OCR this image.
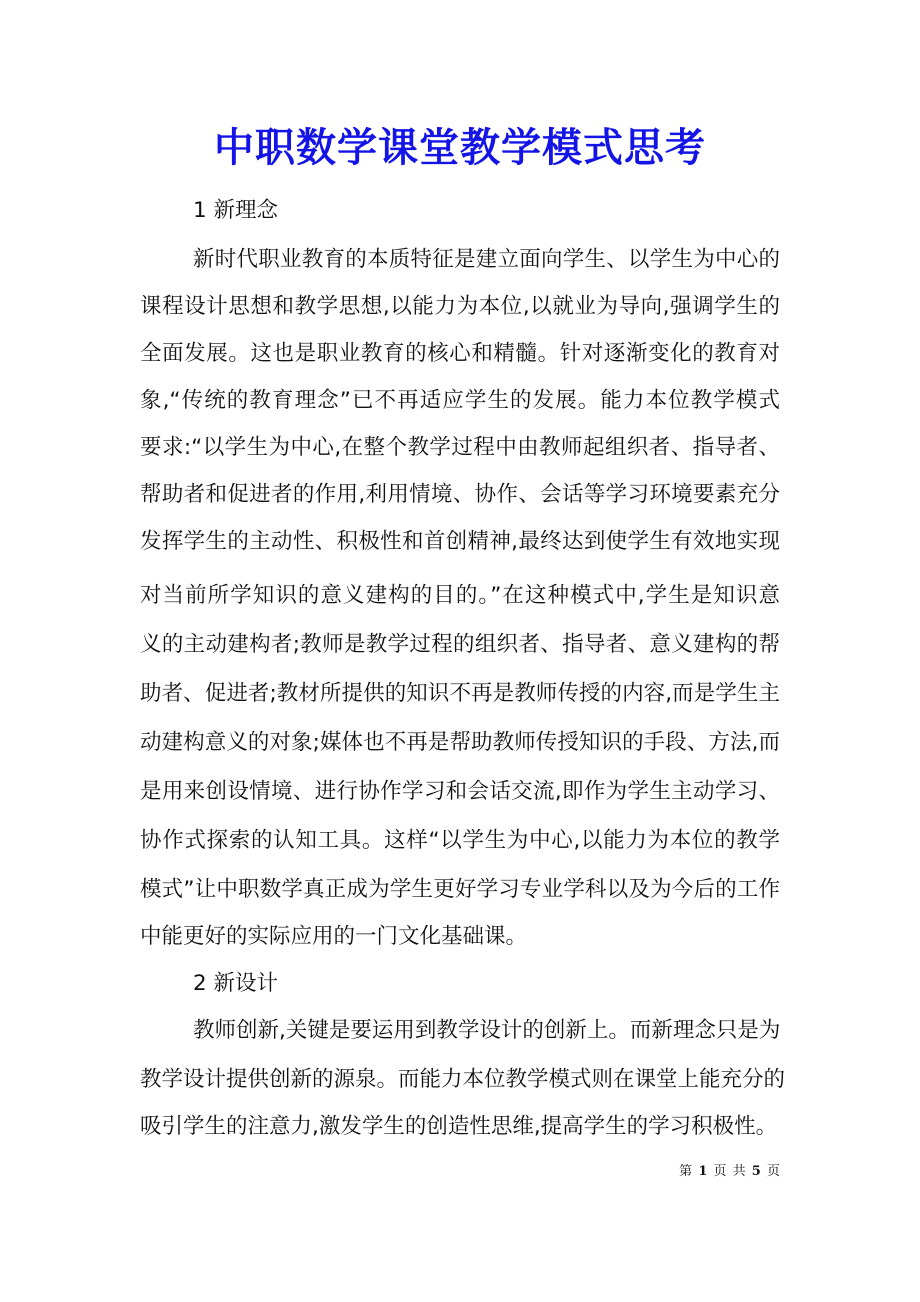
中职数学课堂教学模式思考

1 新理念

新时代职业教育的本质特征是建立面向学生、以学生为中心的

课程设计思想和教学思想,以能力为本位,以就业为导向,强调学生的

全面发展。这也是职业教育的核心和精髓。针对逐渐变化的教育对

象,“传统的教育理念”已不再适应学生的发展。能力本位教学模式

要求:“以学生为中心,在整个教学过程中由教师起组织者、指导者、

帮助者和促进者的作用,利用情境、协作、会话等学习环境要素充分

发挥学生的主动性、积极性和首创精神,最终达到使学生有效地实现

对当前所学知识的意义建构的目的。”在这种模式中,学生是知识意

义的主动建构者;教师是教学过程的组织者、指导者、意义建构的帮

助者、促进者;教材所提供的知识不再是教师传授的内容,而是学生主

动建构意义的对象;媒体也不再是帮助教师传授知识的手段、方法,而

是用来创设情境、进行协作学习和会话交流,即作为学生主动学习、

协作式探索的认知工具。这样“以学生为中心,以能力为本位的教学

模式”让中职数学真正成为学生更好学习专业学科以及为今后的工作

中能更好的实际应用的一门文化基础课。

2 新设计

教师创新,关键是要运用到教学设计的创新上。而新理念只是为

教学设计提供创新的源泉。而能力本位教学模式则在课堂上能充分的

吸引学生的注意力,激发学生的创造性思维,提高学生的学习积极性。

第 1 页 共 5 页
